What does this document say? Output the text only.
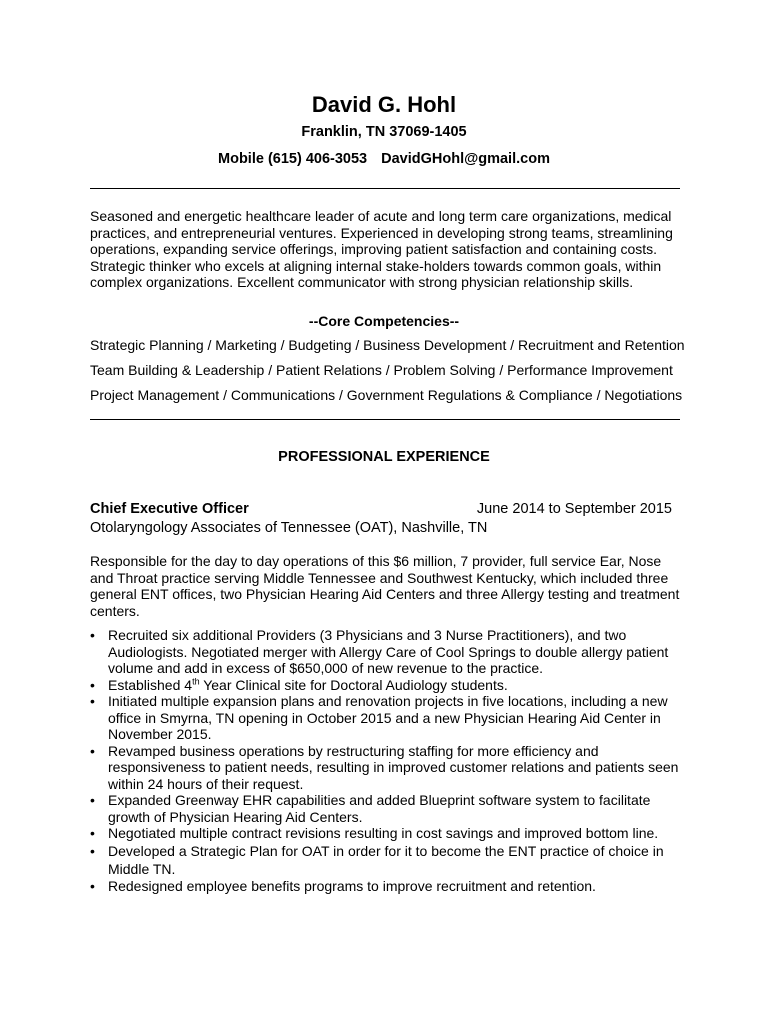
David G. Hohl
Franklin, TN 37069-1405
Mobile (615) 406-3053 DavidGHohl@gmail.com
Seasoned and energetic healthcare leader of acute and long term care organizations, medical practices, and entrepreneurial ventures. Experienced in developing strong teams, streamlining operations, expanding service offerings, improving patient satisfaction and containing costs. Strategic thinker who excels at aligning internal stake-holders towards common goals, within complex organizations. Excellent communicator with strong physician relationship skills.
--Core Competencies--
Strategic Planning / Marketing / Budgeting / Business Development / Recruitment and Retention
Team Building & Leadership / Patient Relations / Problem Solving / Performance Improvement
Project Management / Communications / Government Regulations & Compliance / Negotiations
PROFESSIONAL EXPERIENCE
Chief Executive Officer	June 2014 to September 2015
Otolaryngology Associates of Tennessee (OAT), Nashville, TN
Responsible for the day to day operations of this $6 million, 7 provider, full service Ear, Nose and Throat practice serving Middle Tennessee and Southwest Kentucky, which included three general ENT offices, two Physician Hearing Aid Centers and three Allergy testing and treatment centers.
• Recruited six additional Providers (3 Physicians and 3 Nurse Practitioners), and two Audiologists. Negotiated merger with Allergy Care of Cool Springs to double allergy patient volume and add in excess of $650,000 of new revenue to the practice.
• Established 4th Year Clinical site for Doctoral Audiology students.
• Initiated multiple expansion plans and renovation projects in five locations, including a new office in Smyrna, TN opening in October 2015 and a new Physician Hearing Aid Center in November 2015.
• Revamped business operations by restructuring staffing for more efficiency and responsiveness to patient needs, resulting in improved customer relations and patients seen within 24 hours of their request.
• Expanded Greenway EHR capabilities and added Blueprint software system to facilitate growth of Physician Hearing Aid Centers.
• Negotiated multiple contract revisions resulting in cost savings and improved bottom line.
• Developed a Strategic Plan for OAT in order for it to become the ENT practice of choice in Middle TN.
• Redesigned employee benefits programs to improve recruitment and retention.
